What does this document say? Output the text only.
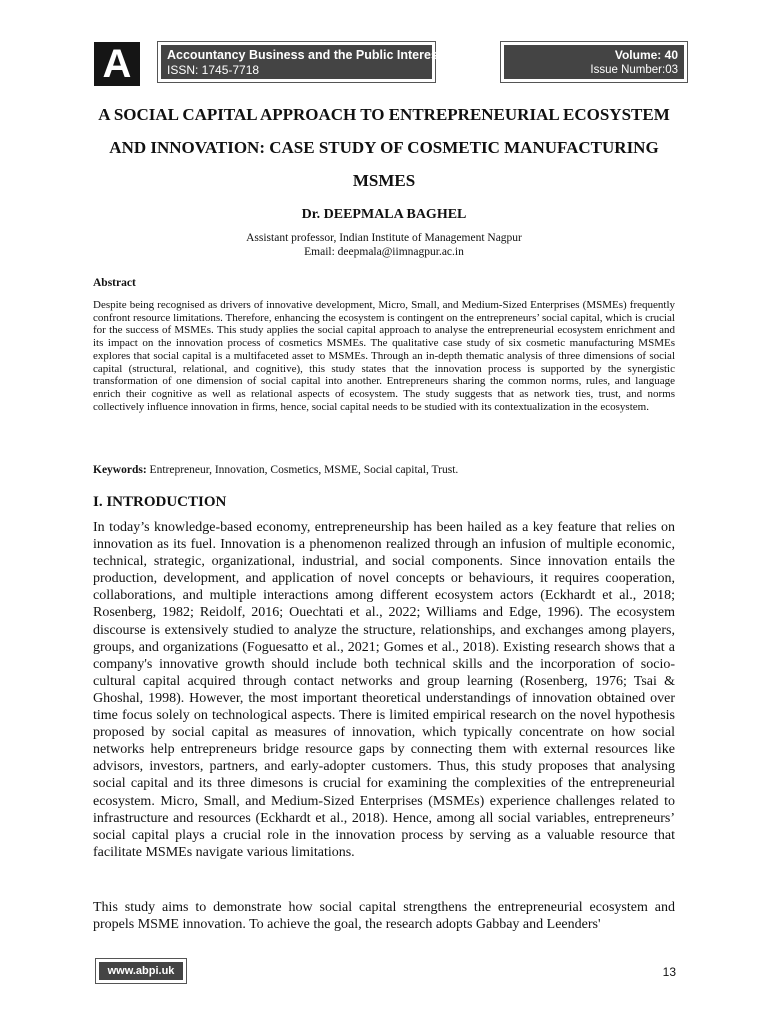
A	Accountancy Business and the Public Interest
ISSN: 1745-7718
Volume: 40
Issue Number:03
A SOCIAL CAPITAL APPROACH TO ENTREPRENEURIAL ECOSYSTEM AND INNOVATION: CASE STUDY OF COSMETIC MANUFACTURING MSMES

Dr. DEEPMALA BAGHEL

Assistant professor, Indian Institute of Management Nagpur
Email: deepmala@iimnagpur.ac.in

Abstract

Despite being recognised as drivers of innovative development, Micro, Small, and Medium-Sized Enterprises (MSMEs) frequently confront resource limitations. Therefore, enhancing the ecosystem is contingent on the entrepreneurs’ social capital, which is crucial for the success of MSMEs. This study applies the social capital approach to analyse the entrepreneurial ecosystem enrichment and its impact on the innovation process of cosmetics MSMEs. The qualitative case study of six cosmetic manufacturing MSMEs explores that social capital is a multifaceted asset to MSMEs. Through an in-depth thematic analysis of three dimensions of social capital (structural, relational, and cognitive), this study states that the innovation process is supported by the synergistic transformation of one dimension of social capital into another. Entrepreneurs sharing the common norms, rules, and language enrich their cognitive as well as relational aspects of ecosystem. The study suggests that as network ties, trust, and norms collectively influence innovation in firms, hence, social capital needs to be studied with its contextualization in the ecosystem.

Keywords: Entrepreneur, Innovation, Cosmetics, MSME, Social capital, Trust.

I. INTRODUCTION

In today’s knowledge-based economy, entrepreneurship has been hailed as a key feature that relies on innovation as its fuel. Innovation is a phenomenon realized through an infusion of multiple economic, technical, strategic, organizational, industrial, and social components. Since innovation entails the production, development, and application of novel concepts or behaviours, it requires cooperation, collaborations, and multiple interactions among different ecosystem actors (Eckhardt et al., 2018; Rosenberg, 1982; Reidolf, 2016; Ouechtati et al., 2022; Williams and Edge, 1996). The ecosystem discourse is extensively studied to analyze the structure, relationships, and exchanges among players, groups, and organizations (Foguesatto et al., 2021; Gomes et al., 2018). Existing research shows that a company's innovative growth should include both technical skills and the incorporation of socio-cultural capital acquired through contact networks and group learning (Rosenberg, 1976; Tsai & Ghoshal, 1998). However, the most important theoretical understandings of innovation obtained over time focus solely on technological aspects. There is limited empirical research on the novel hypothesis proposed by social capital as measures of innovation, which typically concentrate on how social networks help entrepreneurs bridge resource gaps by connecting them with external resources like advisors, investors, partners, and early-adopter customers. Thus, this study proposes that analysing social capital and its three dimesons is crucial for examining the complexities of the entrepreneurial ecosystem. Micro, Small, and Medium-Sized Enterprises (MSMEs) experience challenges related to infrastructure and resources (Eckhardt et al., 2018). Hence, among all social variables, entrepreneurs’ social capital plays a crucial role in the innovation process by serving as a valuable resource that facilitate MSMEs navigate various limitations.

This study aims to demonstrate how social capital strengthens the entrepreneurial ecosystem and propels MSME innovation. To achieve the goal, the research adopts Gabbay and Leenders'

www.abpi.uk	13
